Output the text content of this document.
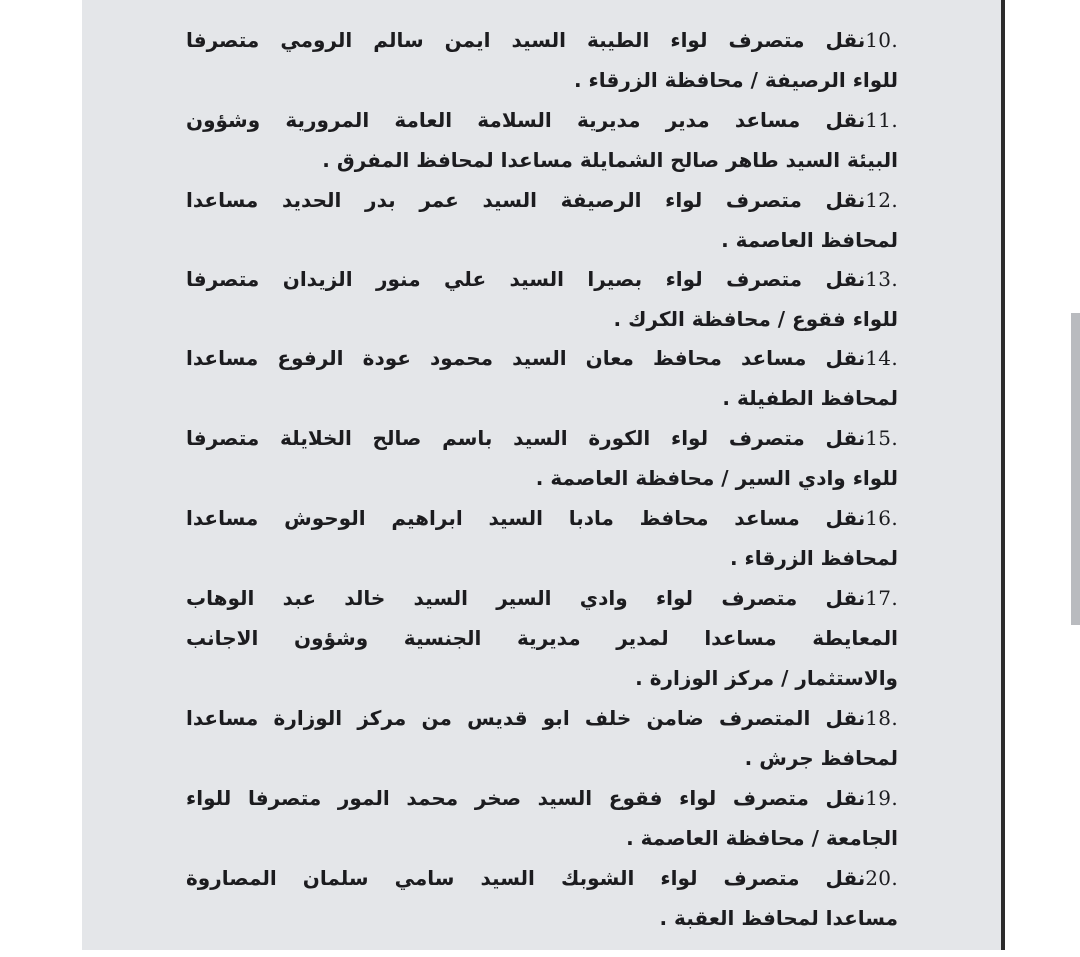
10.نقل متصرف لواء الطيبة السيد ايمن سالم الرومي متصرفا
للواء الرصيفة / محافظة الزرقاء .
11.نقل مساعد مدير مديرية السلامة العامة المرورية وشؤون
البيئة السيد طاهر صالح الشمايلة مساعدا لمحافظ المفرق .
12.نقل متصرف لواء الرصيفة السيد عمر بدر الحديد مساعدا
لمحافظ العاصمة .
13.نقل متصرف لواء بصيرا السيد علي منور الزيدان متصرفا
للواء فقوع / محافظة الكرك .
14.نقل مساعد محافظ معان السيد محمود عودة الرفوع مساعدا
لمحافظ الطفيلة .
15.نقل متصرف لواء الكورة السيد باسم صالح الخلايلة متصرفا
للواء وادي السير / محافظة العاصمة .
16.نقل مساعد محافظ مادبا السيد ابراهيم الوحوش مساعدا
لمحافظ الزرقاء .
17.نقل متصرف لواء وادي السير السيد خالد عبد الوهاب
المعايطة مساعدا لمدير مديرية الجنسية وشؤون الاجانب
والاستثمار / مركز الوزارة .
18.نقل المتصرف ضامن خلف ابو قديس من مركز الوزارة مساعدا
لمحافظ جرش .
19.نقل متصرف لواء فقوع السيد صخر محمد المور متصرفا للواء
الجامعة / محافظة العاصمة .
20.نقل متصرف لواء الشوبك السيد سامي سلمان المصاروة
مساعدا لمحافظ العقبة .
